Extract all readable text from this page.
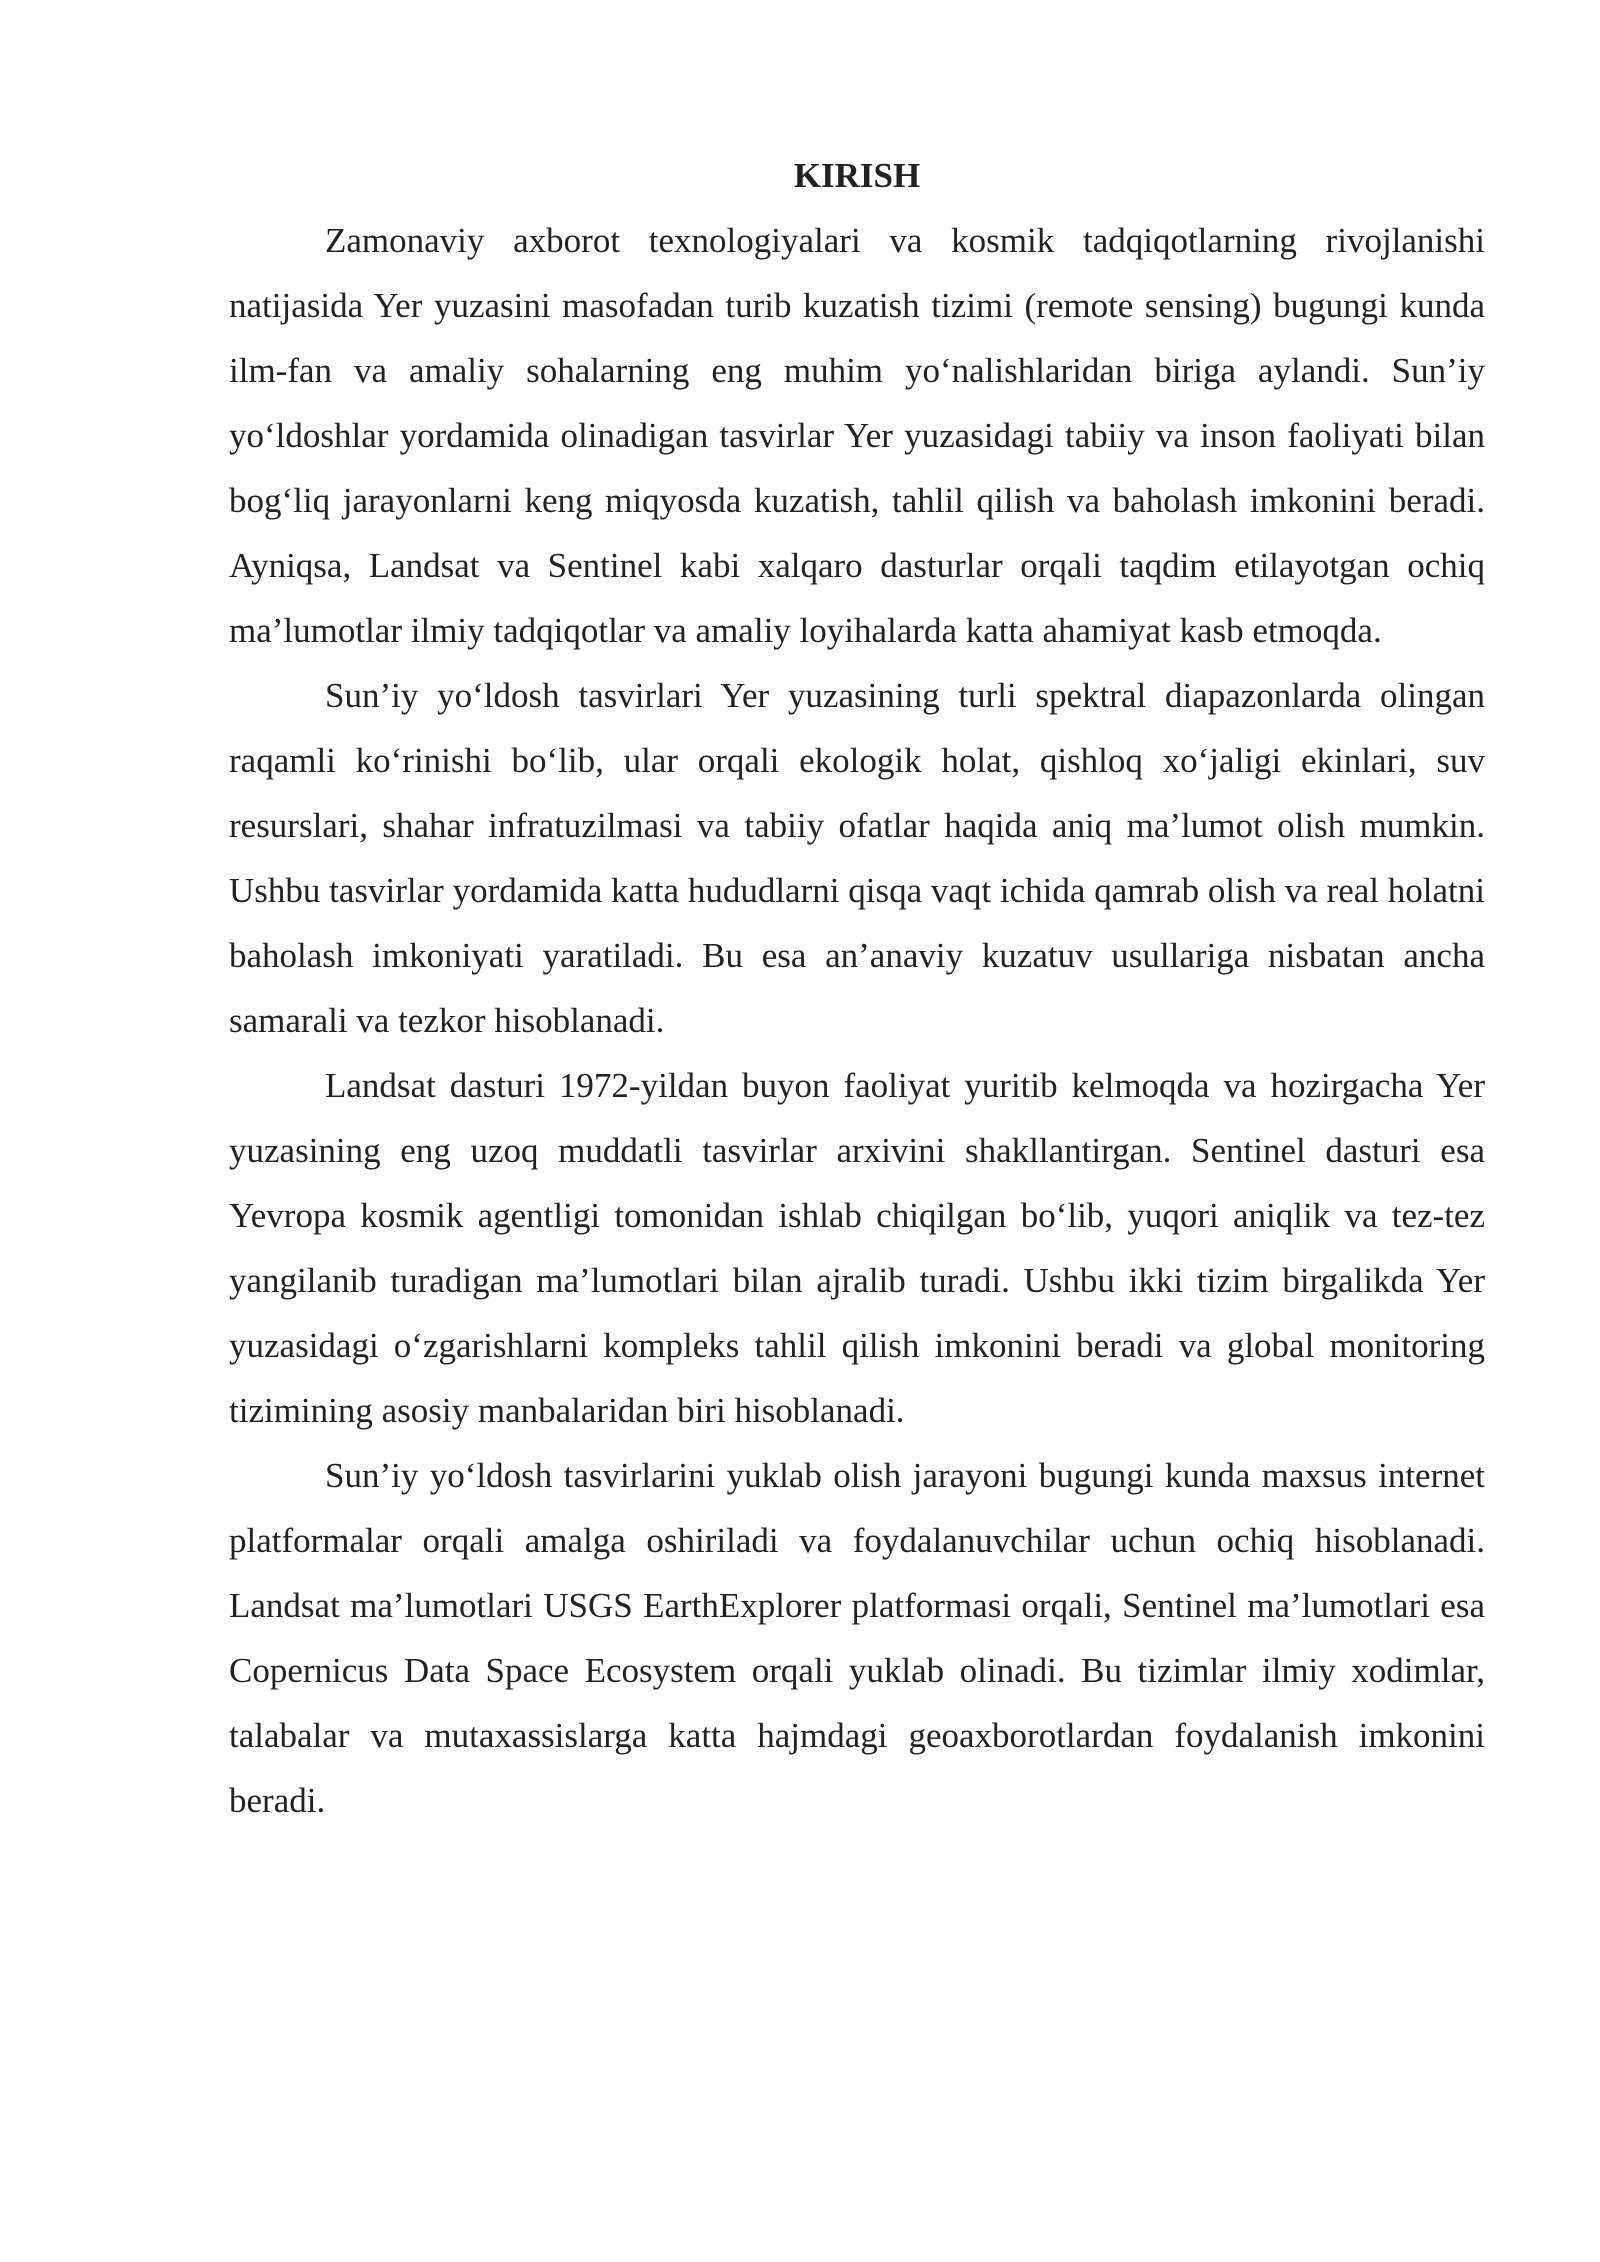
KIRISH

Zamonaviy axborot texnologiyalari va kosmik tadqiqotlarning rivojlanishi natijasida Yer yuzasini masofadan turib kuzatish tizimi (remote sensing) bugungi kunda ilm-fan va amaliy sohalarning eng muhim yo‘nalishlaridan biriga aylandi. Sun’iy yo‘ldoshlar yordamida olinadigan tasvirlar Yer yuzasidagi tabiiy va inson faoliyati bilan bog‘liq jarayonlarni keng miqyosda kuzatish, tahlil qilish va baholash imkonini beradi. Ayniqsa, Landsat va Sentinel kabi xalqaro dasturlar orqali taqdim etilayotgan ochiq ma’lumotlar ilmiy tadqiqotlar va amaliy loyihalarda katta ahamiyat kasb etmoqda.

Sun’iy yo‘ldosh tasvirlari Yer yuzasining turli spektral diapazonlarda olingan raqamli ko‘rinishi bo‘lib, ular orqali ekologik holat, qishloq xo‘jaligi ekinlari, suv resurslari, shahar infratuzilmasi va tabiiy ofatlar haqida aniq ma’lumot olish mumkin. Ushbu tasvirlar yordamida katta hududlarni qisqa vaqt ichida qamrab olish va real holatni baholash imkoniyati yaratiladi. Bu esa an’anaviy kuzatuv usullariga nisbatan ancha samarali va tezkor hisoblanadi.

Landsat dasturi 1972-yildan buyon faoliyat yuritib kelmoqda va hozirgacha Yer yuzasining eng uzoq muddatli tasvirlar arxivini shakllantirgan. Sentinel dasturi esa Yevropa kosmik agentligi tomonidan ishlab chiqilgan bo‘lib, yuqori aniqlik va tez-tez yangilanib turadigan ma’lumotlari bilan ajralib turadi. Ushbu ikki tizim birgalikda Yer yuzasidagi o‘zgarishlarni kompleks tahlil qilish imkonini beradi va global monitoring tizimining asosiy manbalaridan biri hisoblanadi.

Sun’iy yo‘ldosh tasvirlarini yuklab olish jarayoni bugungi kunda maxsus internet platformalar orqali amalga oshiriladi va foydalanuvchilar uchun ochiq hisoblanadi. Landsat ma’lumotlari USGS EarthExplorer platformasi orqali, Sentinel ma’lumotlari esa Copernicus Data Space Ecosystem orqali yuklab olinadi. Bu tizimlar ilmiy xodimlar, talabalar va mutaxassislarga katta hajmdagi geoaxborotlardan foydalanish imkonini beradi.
